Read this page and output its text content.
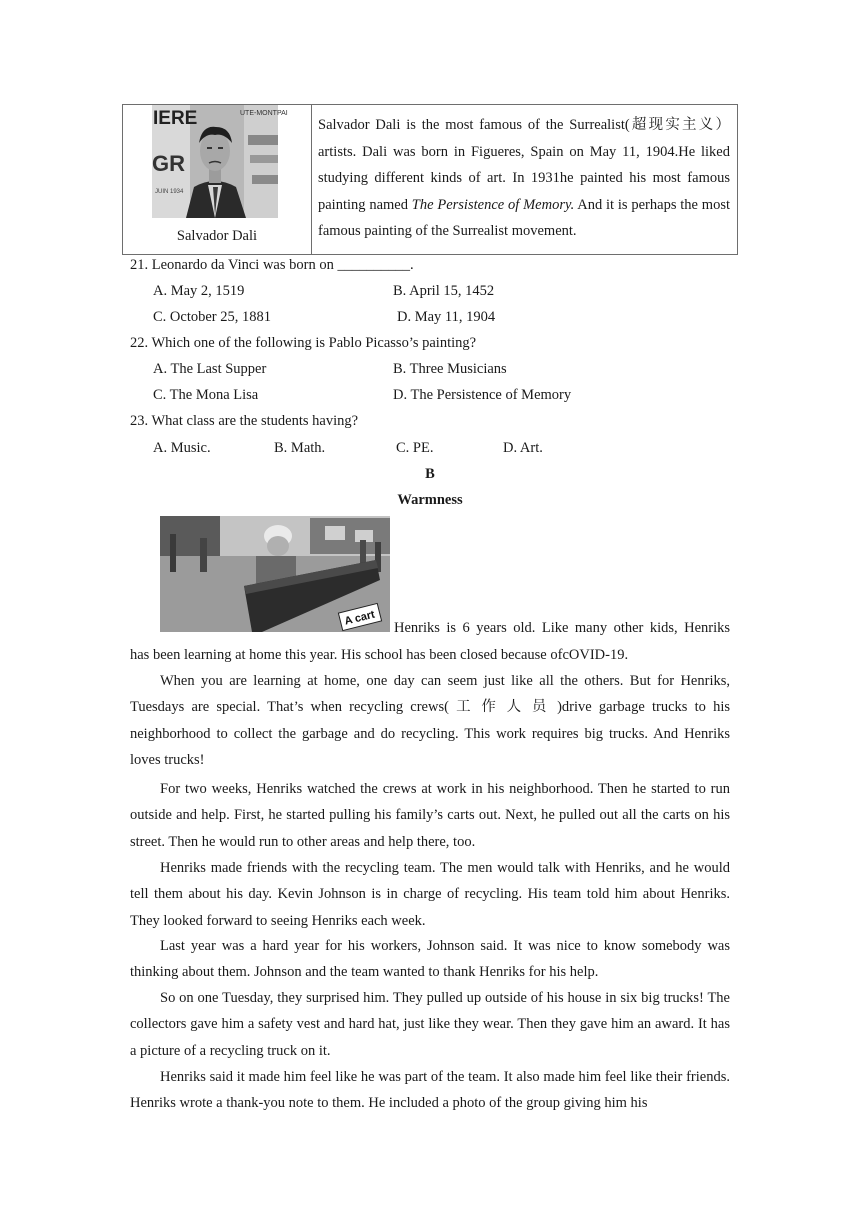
IERE	UTE-MONTPAI
GR
JUIN 1934
Salvador Dali
Salvador Dali is the most famous of the Surrealist(超现实主义）artists. Dali was born in Figueres, Spain on May 11, 1904.He liked studying different kinds of art. In 1931he painted his most famous painting named The Persistence of Memory. And it is perhaps the most famous painting of the Surrealist movement.
21. Leonardo da Vinci was born on __________.
A. May 2, 1519	B. April 15, 1452
C. October 25, 1881	D. May 11, 1904
22. Which one of the following is Pablo Picasso’s painting?
A. The Last Supper	B. Three Musicians
C. The Mona Lisa	D. The Persistence of Memory
23. What class are the students having?
A. Music.	B. Math.	C. PE.	D. Art.
B
Warmness
A cart
Henriks is 6 years old. Like many other kids, Henriks

has been learning at home this year. His school has been closed because ofcOVID-19.

When you are learning at home, one day can seem just like all the others. But for Henriks, Tuesdays are special. That’s when recycling crews( 工 作 人 员 )drive garbage trucks to his neighborhood to collect the garbage and do recycling. This work requires big trucks. And Henriks loves trucks!

For two weeks, Henriks watched the crews at work in his neighborhood. Then he started to run outside and help. First, he started pulling his family’s carts out. Next, he pulled out all the carts on his street. Then he would run to other areas and help there, too.

Henriks made friends with the recycling team. The men would talk with Henriks, and he would tell them about his day. Kevin Johnson is in charge of recycling. His team told him about Henriks. They looked forward to seeing Henriks each week.

Last year was a hard year for his workers, Johnson said. It was nice to know somebody was thinking about them. Johnson and the team wanted to thank Henriks for his help.

So on one Tuesday, they surprised him. They pulled up outside of his house in six big trucks! The collectors gave him a safety vest and hard hat, just like they wear. Then they gave him an award. It has a picture of a recycling truck on it.

Henriks said it made him feel like he was part of the team. It also made him feel like their friends. Henriks wrote a thank-you note to them. He included a photo of the group giving him his
